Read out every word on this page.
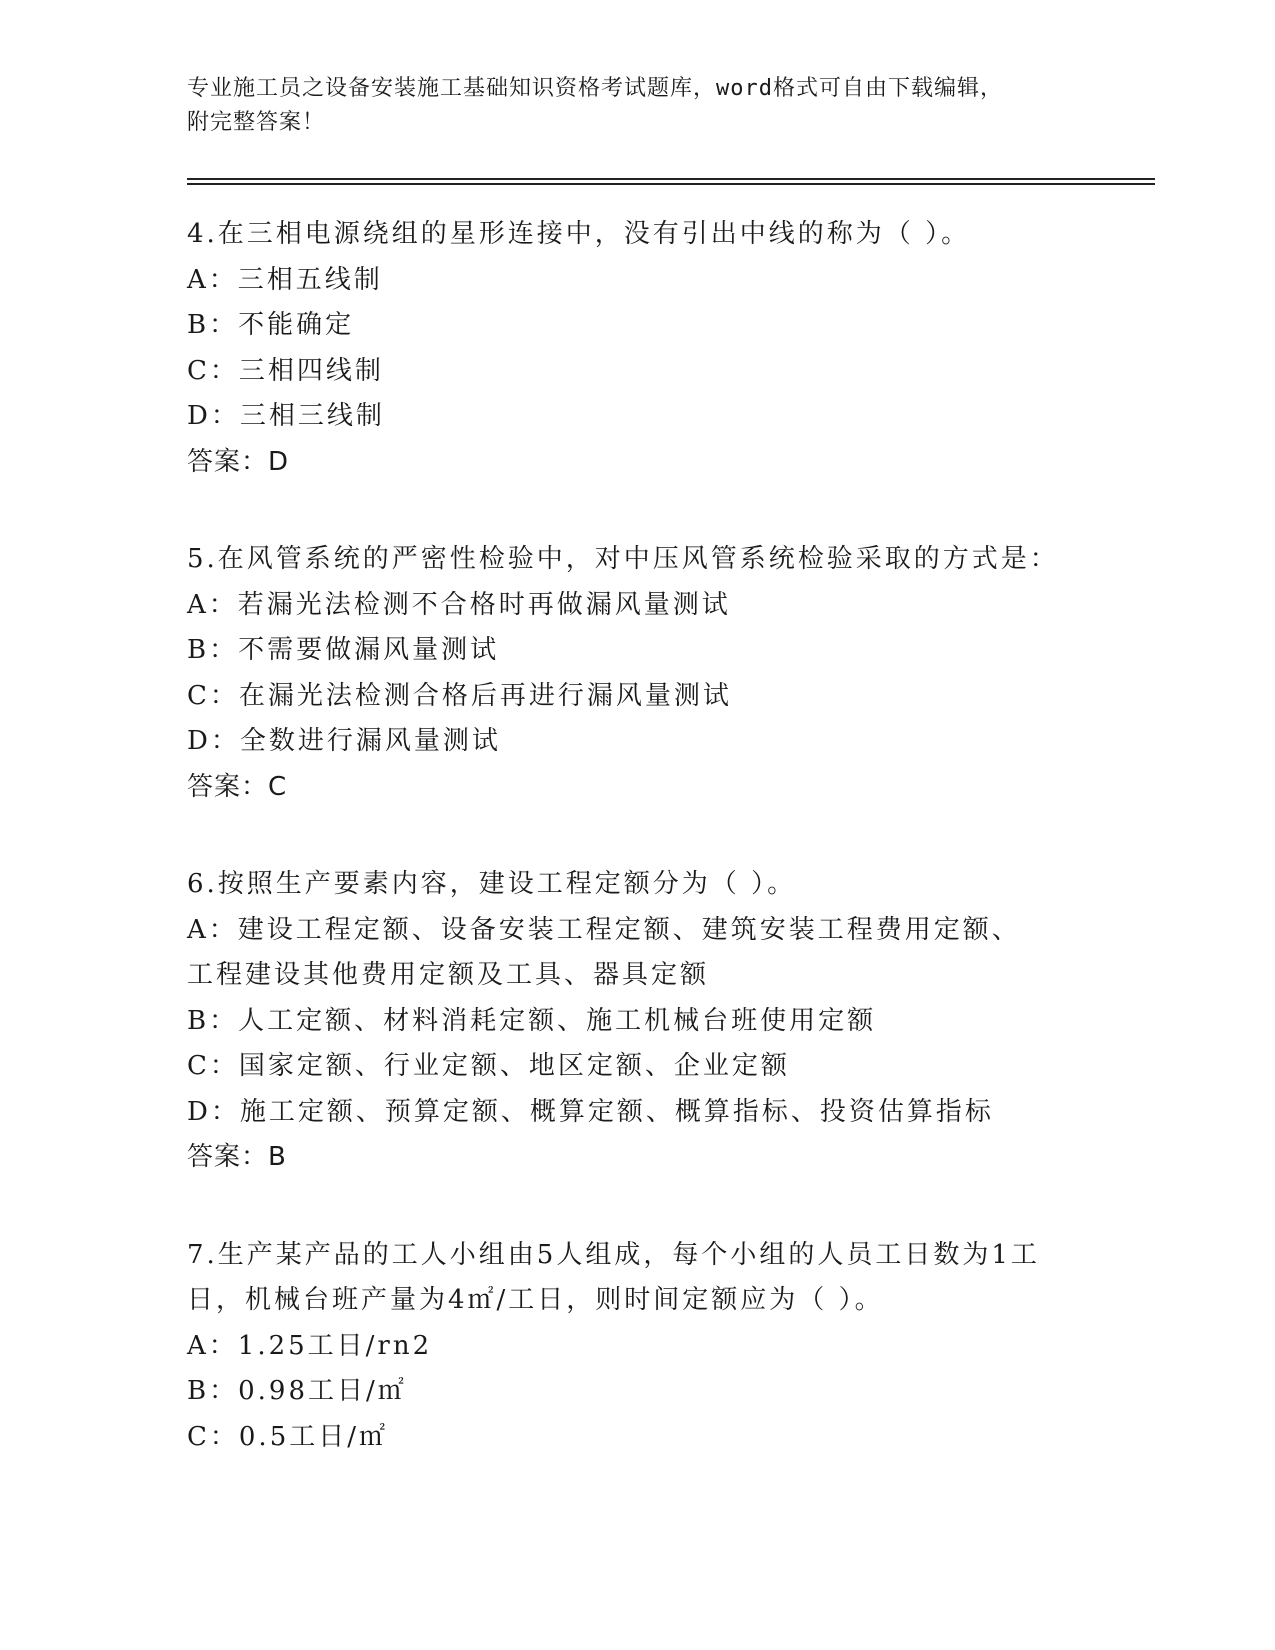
专业施工员之设备安装施工基础知识资格考试题库，word格式可自由下载编辑，
附完整答案！
4.在三相电源绕组的星形连接中，没有引出中线的称为（ ）。
A：三相五线制
B：不能确定
C：三相四线制
D：三相三线制
答案：D
5.在风管系统的严密性检验中，对中压风管系统检验采取的方式是：
A：若漏光法检测不合格时再做漏风量测试
B：不需要做漏风量测试
C：在漏光法检测合格后再进行漏风量测试
D：全数进行漏风量测试
答案：C
6.按照生产要素内容，建设工程定额分为（ ）。
A：建设工程定额、设备安装工程定额、建筑安装工程费用定额、工程建设其他费用定额及工具、器具定额
B：人工定额、材料消耗定额、施工机械台班使用定额
C：国家定额、行业定额、地区定额、企业定额
D：施工定额、预算定额、概算定额、概算指标、投资估算指标
答案：B
7.生产某产品的工人小组由5人组成，每个小组的人员工日数为1工日，机械台班产量为4㎡/工日，则时间定额应为（ ）。
A：1.25工日/rn2
B：0.98工日/㎡
C：0.5工日/㎡
